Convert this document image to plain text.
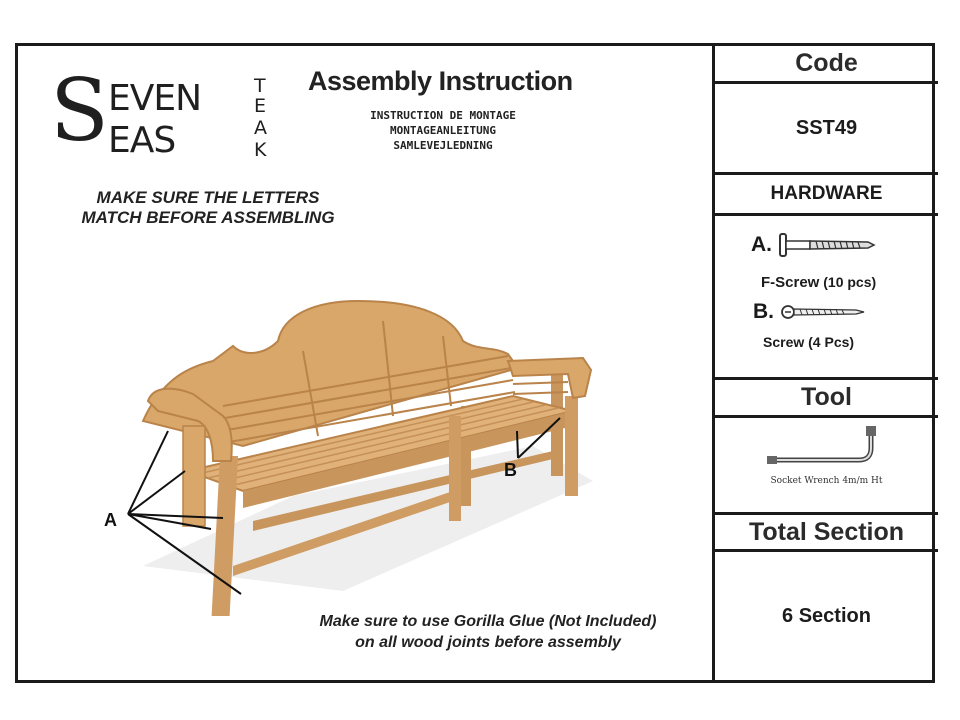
S EVEN
EAS
T
E
A
K
Assembly Instruction
INSTRUCTION DE MONTAGE
MONTAGEANLEITUNG
SAMLEVEJLEDNING
MAKE SURE THE LETTERS
MATCH BEFORE ASSEMBLING
A
B
Make sure to use Gorilla Glue (Not Included)
on all wood joints before assembly
Code
SST49
HARDWARE
A.
F-Screw (10 pcs)
B.
Screw (4 Pcs)
Tool
Socket Wrench 4m/m Ht
Total Section
6 Section
